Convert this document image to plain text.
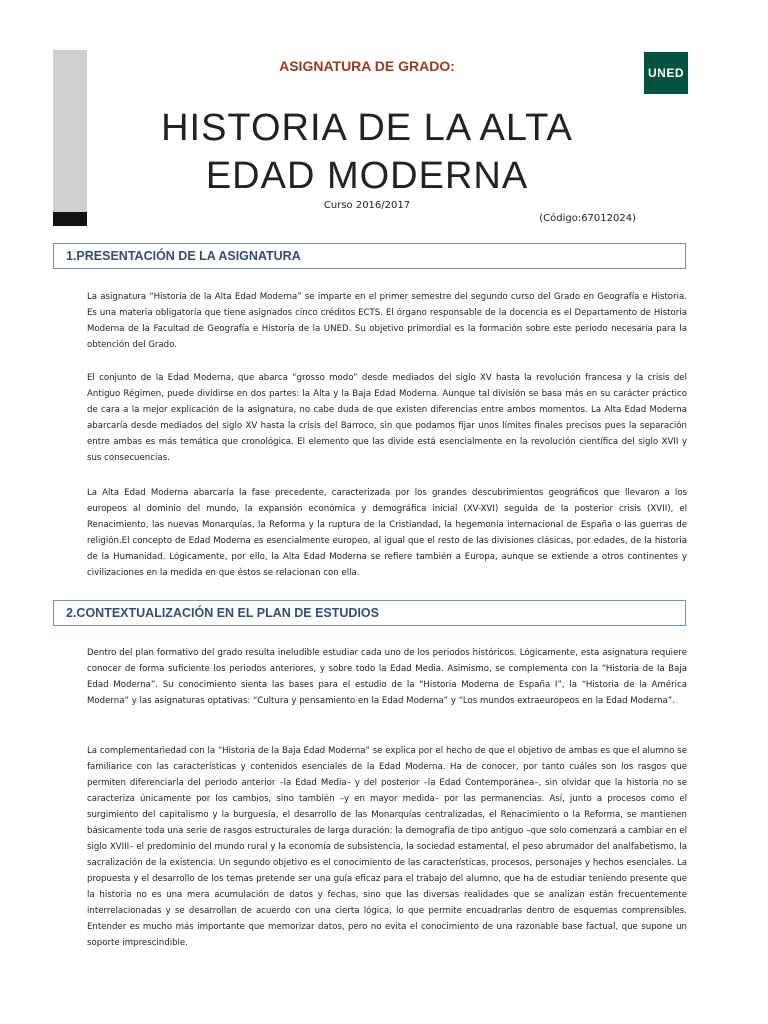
ASIGNATURA DE GRADO:	UNED
HISTORIA DE LA ALTA
EDAD MODERNA
Curso 2016/2017
(Código:67012024)
1.PRESENTACIÓN DE LA ASIGNATURA

La asignatura “Historia de la Alta Edad Moderna” se imparte en el primer semestre del segundo curso del Grado en Geografía e Historia. Es una materia obligatoria que tiene asignados cinco créditos ECTS. El órgano responsable de la docencia es el Departamento de Historia Moderna de la Facultad de Geografía e Historia de la UNED. Su objetivo primordial es la formación sobre este periodo necesaria para la obtención del Grado.

El conjunto de la Edad Moderna, que abarca “grosso modo” desde mediados del siglo XV hasta la revolución francesa y la crisis del Antiguo Régimen, puede dividirse en dos partes: la Alta y la Baja Edad Moderna. Aunque tal división se basa más en su carácter práctico de cara a la mejor explicación de la asignatura, no cabe duda de que existen diferencias entre ambos momentos. La Alta Edad Moderna abarcaría desde mediados del siglo XV hasta la crisis del Barroco, sin que podamos fijar unos límites finales precisos pues la separación entre ambas es más temática que cronológica. El elemento que las divide está esencialmente en la revolución científica del siglo XVII y sus consecuencias.

La Alta Edad Moderna abarcaría la fase precedente, caracterizada por los grandes descubrimientos geográficos que llevaron a los europeos al dominio del mundo, la expansión económica y demográfica inicial (XV-XVI) seguida de la posterior crisis (XVII), el Renacimiento, las nuevas Monarquías, la Reforma y la ruptura de la Cristiandad, la hegemonía internacional de España o las guerras de religión.El concepto de Edad Moderna es esencialmente europeo, al igual que el resto de las divisiones clásicas, por edades, de la historia de la Humanidad. Lógicamente, por ello, la Alta Edad Moderna se refiere también a Europa, aunque se extiende a otros continentes y civilizaciones en la medida en que éstos se relacionan con ella.

2.CONTEXTUALIZACIÓN EN EL PLAN DE ESTUDIOS

Dentro del plan formativo del grado resulta ineludible estudiar cada uno de los periodos históricos. Lógicamente, esta asignatura requiere conocer de forma suficiente los periodos anteriores, y sobre todo la Edad Media. Asimismo, se complementa con la “Historia de la Baja Edad Moderna”. Su conocimiento sienta las bases para el estudio de la “Historia Moderna de España I”, la “Historia de la América Moderna” y las asignaturas optativas: “Cultura y pensamiento en la Edad Moderna” y “Los mundos extraeuropeos en la Edad Moderna”.

La complementariedad con la “Historia de la Baja Edad Moderna” se explica por el hecho de que el objetivo de ambas es que el alumno se familiarice con las características y contenidos esenciales de la Edad Moderna. Ha de conocer, por tanto cuáles son los rasgos que permiten diferenciarla del periodo anterior –la Edad Media– y del posterior –la Edad Contemporánea–, sin olvidar que la historia no se caracteriza únicamente por los cambios, sino también –y en mayor medida– por las permanencias. Así, junto a procesos como el surgimiento del capitalismo y la burguesía, el desarrollo de las Monarquías centralizadas, el Renacimiento o la Reforma, se mantienen básicamente toda una serie de rasgos estructurales de larga duración: la demografía de tipo antiguo –que solo comenzará a cambiar en el siglo XVIII– el predominio del mundo rural y la economía de subsistencia, la sociedad estamental, el peso abrumador del analfabetismo, la sacralización de la existencia. Un segundo objetivo es el conocimiento de las características, procesos, personajes y hechos esenciales. La propuesta y el desarrollo de los temas pretende ser una guía eficaz para el trabajo del alumno, que ha de estudiar teniendo presente que la historia no es una mera acumulación de datos y fechas, sino que las diversas realidades que se analizan están frecuentemente interrelacionadas y se desarrollan de acuerdo con una cierta lógica, lo que permite encuadrarlas dentro de esquemas comprensibles. Entender es mucho más importante que memorizar datos, pero no evita el conocimiento de una razonable base factual, que supone un soporte imprescindible.
